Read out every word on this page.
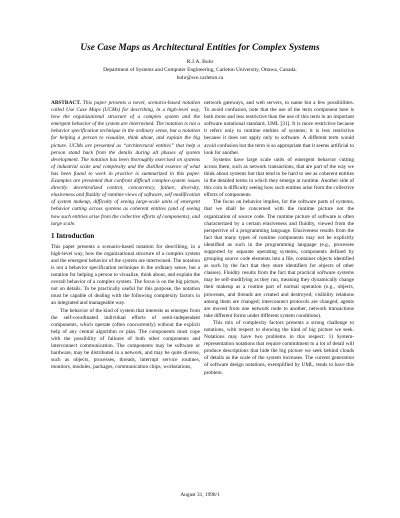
Use Case Maps as Architectural Entities for Complex Systems
R.J.A. Buhr
Department of Systems and Computer Engineering, Carleton University, Ottawa, Canada.
buhr@sce.carleton.ca

ABSTRACT. This paper presents a novel, scenario-based notation called Use Case Maps (UCMs) for describing, in a high-level way, how the organizational structure of a complex system and the emergent behavior of the system are intertwined. The notation is not a behavior specification technique in the ordinary sense, but a notation for helping a person to visualize, think about, and explain the big picture. UCMs are presented as “architectural entities” that help a person stand back from the details during all phases of system development. The notation has been thoroughly exercised on systems of industrial scale and complexity and the distilled essence of what has been found to work in practice is summarized in this paper. Examples are presented that confront difficult complex-system issues directly: decentralized control, concurrency, failure, diversity, elusiveness and fluidity of runtime views of software, self modification of system makeup, difficulty of seeing large-scale units of emergent behavior cutting across systems as coherent entities (and of seeing how such entities arise from the collective efforts of components), and large scale.

1 Introduction

This paper presents a scenario-based notation for describing, in a high-level way, how the organizational structure of a complex system and the emergent behavior of the system are intertwined. The notation is not a behavior specification technique in the ordinary sense, but a notation for helping a person to visualize, think about, and explain the overall behavior of a complex system. The focus is on the big picture, not on details. To be practically useful for this purpose, the notation must be capable of dealing with the following complexity factors in an integrated and manageable way.

The behavior of the kind of system that interests us emerges from the self-coordinated individual efforts of semi-independent components, which operate (often concurrently) without the explicit help of any central algorithm or plan. The components must cope with the possibility of failures of both other components and interconnect communication. The components may be software or hardware, may be distributed in a network, and may be quite diverse, such as objects, processes, threads, interrupt service routines, monitors, modules, packages, communication chips, workstations,

network gateways, and web servers, to name but a few possibilities. To avoid confusion, note that the use of the term component here is both more and less restrictive than the use of this term in an important software notational standard, UML [31]. It is more restrictive because it refers only to runtime entities of systems; it is less restrictive because it does not apply only to software. A different term would avoid confusion but the term is so appropriate that it seems artificial to look for another.

Systems have large scale units of emergent behavior cutting across them, such as network transactions, that are part of the way we think about systems but that tend to be hard to see as coherent entities in the detailed terms in which they emerge at runtime. Another side of this coin is difficulty seeing how such entities arise from the collective efforts of components.

The focus on behavior implies, for the software parts of systems, that we shall be concerned with the runtime picture not the organization of source code. The runtime picture of software is often characterized by a certain elusiveness and fluidity, viewed from the perspective of a programming language. Elusiveness results from the fact that many types of runtime components may not be explicitly identified as such in the programming language (e.g., processes supported by separate operating systems, components defined by grouping source code elements into a file, container objects identified as such by the fact that they store identifiers for objects of other classes). Fluidity results from the fact that practical software systems may be self-modifying as they run, meaning they dynamically change their makeup as a routine part of normal operation (e.g., objects, processes, and threads are created and destroyed; visibility relations among them are changed; interconnect protocols are changed; agents are moved from one network node to another, network transactions take different forms under different system conditions).

This mix of complexity factors presents a strong challenge to notations, with respect to showing the kind of big picture we seek. Notations may have two problems in this respect: 1) System-representation notations that require commitment to a lot of detail will produce descriptions that hide the big picture we seek behind clouds of details as the scale of the system increases. The current generation of software design notations, exemplified by UML, tends to have this problem.

August 31, 1998/1
